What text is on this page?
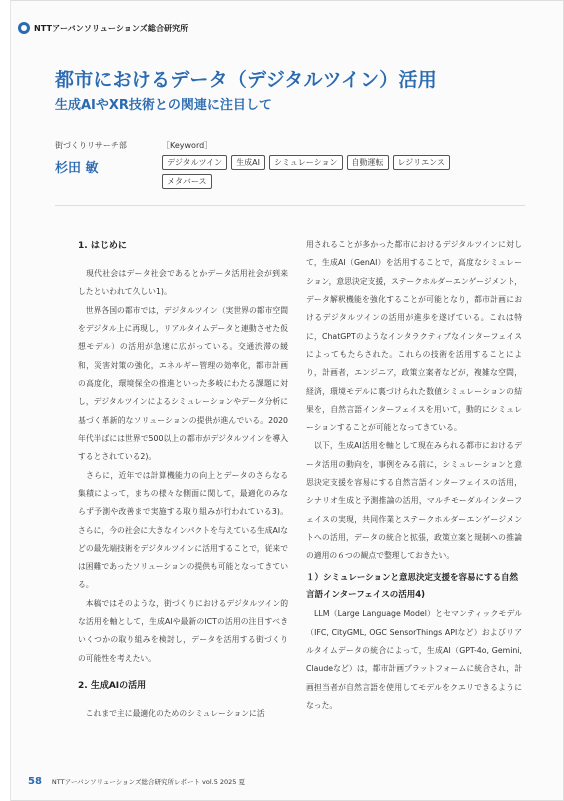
NTTアーバンソリューションズ総合研究所
都市におけるデータ（デジタルツイン）活用
生成AIやXR技術との関連に注目して
街づくりリサーチ部
杉田 敏
［Keyword］
デジタルツイン	生成AI	シミュレーション	自動運転	レジリエンス
メタバース
1. はじめに

　現代社会はデータ社会であるとかデータ活用社会が到来したといわれて久しい1)。

　世界各国の都市では，デジタルツイン（実世界の都市空間をデジタル上に再現し，リアルタイムデータと連動させた仮想モデル）の活用が急速に広がっている。交通渋滞の緩和，災害対策の強化，エネルギー管理の効率化，都市計画の高度化，環境保全の推進といった多岐にわたる課題に対し，デジタルツインによるシミュレーションやデータ分析に基づく革新的なソリューションの提供が進んでいる。2020年代半ばには世界で500以上の都市がデジタルツインを導入するとされている2)。

　さらに，近年では計算機能力の向上とデータのさらなる集積によって，まちの様々な側面に関して，最適化のみならず予測や改善まで実施する取り組みが行われている3)。さらに，今の社会に大きなインパクトを与えている生成AIなどの最先端技術をデジタルツインに活用することで，従来では困難であったソリューションの提供も可能となってきている。

　本稿ではそのような，街づくりにおけるデジタルツイン的な活用を軸として，生成AIや最新のICTの活用の注目すべきいくつかの取り組みを検討し，データを活用する街づくりの可能性を考えたい。

2. 生成AIの活用

　これまで主に最適化のためのシミュレーションに活

用されることが多かった都市におけるデジタルツインに対して，生成AI（GenAI）を活用することで，高度なシミュレーション，意思決定支援，ステークホルダーエンゲージメント，データ解釈機能を強化することが可能となり，都市計画におけるデジタルツインの活用が進歩を遂げている。これは特に，ChatGPTのようなインタラクティブなインターフェイスによってもたらされた。これらの技術を活用することにより，計画者，エンジニア，政策立案者などが，複雑な空間，経済，環境モデルに裏づけられた数値シミュレーションの結果を，自然言語インターフェイスを用いて，動的にシミュレーションすることが可能となってきている。

　以下，生成AI活用を軸として現在みられる都市におけるデータ活用の動向を，事例をみる前に，シミュレーションと意思決定支援を容易にする自然言語インターフェイスの活用，シナリオ生成と予測推論の活用，マルチモーダルインターフェイスの実現，共同作業とステークホルダーエンゲージメントへの活用，データの統合と拡張，政策立案と規制への推論の適用の６つの観点で整理しておきたい。

１）シミュレーションと意思決定支援を容易にする自然言語インターフェイスの活用4)

　LLM（Large Language Model）とセマンティックモデル（IFC, CityGML, OGC SensorThings APIなど）およびリアルタイムデータの統合によって，生成AI（GPT-4o, Gemini, Claudeなど）は，都市計画プラットフォームに統合され，計画担当者が自然言語を使用してモデルをクエリできるようになった。

58 NTTアーバンソリューションズ総合研究所レポート vol.5 2025 夏
